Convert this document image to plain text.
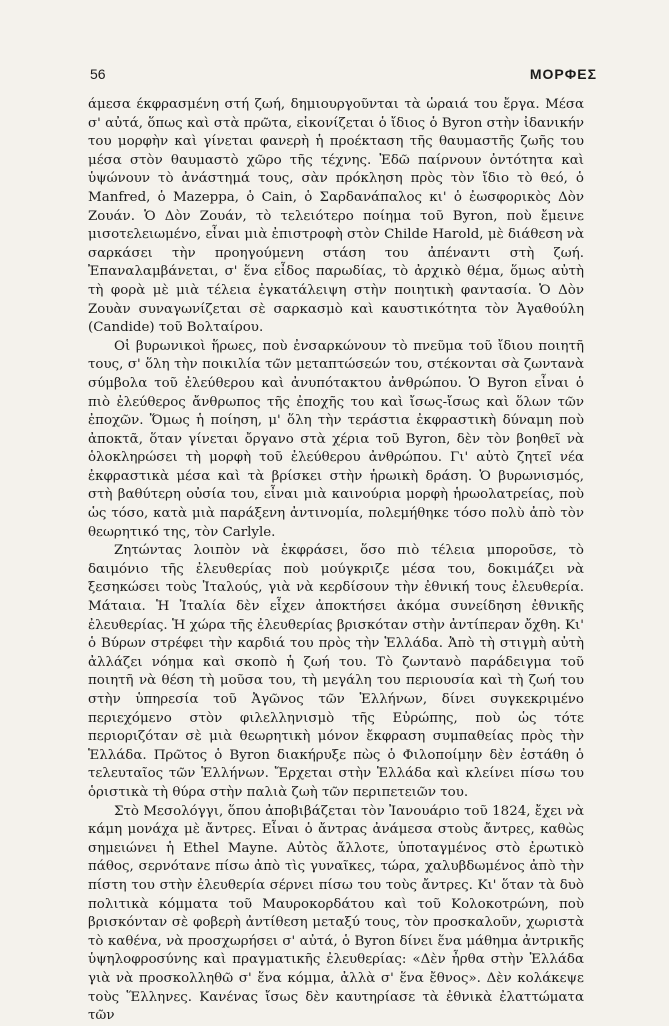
56	ΜΟΡΦΕΣ

άμεσα έκφρασμένη στή ζωή, δημιουργοῦνται τὰ ὡραιά του ἔργα. Μέσα σ' αὐτά, ὅπως καὶ στὰ πρῶτα, εἰκονίζεται ὁ ἴδιος ὁ Byron στὴν ἰδανικήν του μορφὴν καὶ γίνεται φανερὴ ἡ προέκταση τῆς θαυμαστῆς ζωῆς του μέσα στὸν θαυμαστὸ χῶρο τῆς τέχνης. Ἐδῶ παίρνουν ὀντότητα καὶ ὑψώνουν τὸ ἀνάστημά τους, σὰν πρόκληση πρὸς τὸν ἴδιο τὸ θεό, ὁ Manfred, ὁ Mazeppa, ὁ Cain, ὁ Σαρδανάπαλος κι' ὁ ἐωσφορικὸς Δὸν Ζουάν. Ὁ Δὸν Ζουάν, τὸ τελειότερο ποίημα τοῦ Byron, ποὺ ἔμεινε μισοτελειωμένο, εἶναι μιὰ ἐπιστροφὴ στὸν Childe Harold, μὲ διάθεση νὰ σαρκάσει τὴν προηγούμενη στάση του ἀπέναντι στὴ ζωή. Ἐπαναλαμβάνεται, σ' ἕνα εἶδος παρωδίας, τὸ ἀρχικὸ θέμα, ὅμως αὐτὴ τὴ φορὰ μὲ μιὰ τέλεια ἐγκατάλειψη στὴν ποιητικὴ φαντασία. Ὁ Δὸν Ζουὰν συναγωνίζεται σὲ σαρκασμὸ καὶ καυστικότητα τὸν Ἀγαθούλη (Candide) τοῦ Βολταίρου.

Οἱ βυρωνικοὶ ἥρωες, ποὺ ἐνσαρκώνουν τὸ πνεῦμα τοῦ ἴδιου ποιητῆ τους, σ' ὅλη τὴν ποικιλία τῶν μεταπτώσεών του, στέκονται σὰ ζωντανὰ σύμβολα τοῦ ἐλεύθερου καὶ ἀνυπότακτου ἀνθρώπου. Ὁ Byron εἶναι ὁ πιὸ ἐλεύθερος ἄνθρωπος τῆς ἐποχῆς του καὶ ἴσως-ἴσως καὶ ὅλων τῶν ἐποχῶν. Ὅμως ἡ ποίηση, μ' ὅλη τὴν τεράστια ἐκφραστικὴ δύναμη ποὺ ἀποκτᾶ, ὅταν γίνεται ὄργανο στὰ χέρια τοῦ Byron, δὲν τὸν βοηθεῖ νὰ ὁλοκληρώσει τὴ μορφὴ τοῦ ἐλεύθερου ἀνθρώπου. Γι' αὐτὸ ζητεῖ νέα ἐκφραστικὰ μέσα καὶ τὰ βρίσκει στὴν ἡρωικὴ δράση. Ὁ βυρωνισμός, στὴ βαθύτερη οὐσία του, εἶναι μιὰ καινούρια μορφὴ ἡρωολατρείας, ποὺ ὡς τόσο, κατὰ μιὰ παράξενη ἀντινομία, πολεμήθηκε τόσο πολὺ ἀπὸ τὸν θεωρητικό της, τὸν Carlyle.

Ζητώντας λοιπὸν νὰ ἐκφράσει, ὅσο πιὸ τέλεια μποροῦσε, τὸ δαιμόνιο τῆς ἐλευθερίας ποὺ μούγκριζε μέσα του, δοκιμάζει νὰ ξεσηκώσει τοὺς Ἰταλούς, γιὰ νὰ κερδίσουν τὴν ἐθνική τους ἐλευθερία. Μάταια. Ἡ Ἰταλία δὲν εἶχεν ἀποκτήσει ἀκόμα συνείδηση ἐθνικῆς ἐλευθερίας. Ἡ χώρα τῆς ἐλευθερίας βρισκόταν στὴν ἀντίπεραν ὄχθη. Κι' ὁ Βύρων στρέφει τὴν καρδιά του πρὸς τὴν Ἑλλάδα. Ἀπὸ τὴ στιγμὴ αὐτὴ ἀλλάζει νόημα καὶ σκοπὸ ἡ ζωή του. Τὸ ζωντανὸ παράδειγμα τοῦ ποιητῆ νὰ θέση τὴ μοῦσα του, τὴ μεγάλη του περιουσία καὶ τὴ ζωή του στὴν ὑπηρεσία τοῦ Ἀγῶνος τῶν Ἑλλήνων, δίνει συγκεκριμένο περιεχόμενο στὸν φιλελληνισμὸ τῆς Εὐρώπης, ποὺ ὡς τότε περιοριζόταν σὲ μιὰ θεωρητικὴ μόνον ἔκφραση συμπαθείας πρὸς τὴν Ἑλλάδα. Πρῶτος ὁ Byron διακήρυξε πὼς ὁ Φιλοποίμην δὲν ἐστάθη ὁ τελευταῖος τῶν Ἑλλήνων. Ἔρχεται στὴν Ἑλλάδα καὶ κλείνει πίσω του ὁριστικὰ τὴ θύρα στὴν παλιὰ ζωὴ τῶν περιπετειῶν του.

Στὸ Μεσολόγγι, ὅπου ἀποβιβάζεται τὸν Ἰανουάριο τοῦ 1824, ἔχει νὰ κάμη μονάχα μὲ ἄντρες. Εἶναι ὁ ἄντρας ἀνάμεσα στοὺς ἄντρες, καθὼς σημειώνει ἡ Ethel Mayne. Αὐτὸς ἄλλοτε, ὑποταγμένος στὸ ἐρωτικὸ πάθος, σερνότανε πίσω ἀπὸ τὶς γυναῖκες, τώρα, χαλυβδωμένος ἀπὸ τὴν πίστη του στὴν ἐλευθερία σέρνει πίσω του τοὺς ἄντρες. Κι' ὅταν τὰ δυὸ πολιτικὰ κόμματα τοῦ Μαυροκορδάτου καὶ τοῦ Κολοκοτρώνη, ποὺ βρισκόνταν σὲ φοβερὴ ἀντίθεση μεταξύ τους, τὸν προσκαλοῦν, χωριστὰ τὸ καθένα, νὰ προσχωρήσει σ' αὐτά, ὁ Byron δίνει ἕνα μάθημα ἀντρικῆς ὑψηλοφροσύνης καὶ πραγματικῆς ἐλευθερίας: «Δὲν ἦρθα στὴν Ἑλλάδα γιὰ νὰ προσκολληθῶ σ' ἕνα κόμμα, ἀλλὰ σ' ἕνα ἔθνος». Δὲν κολάκεψε τοὺς Ἕλληνες. Κανένας ἴσως δὲν καυτηρίασε τὰ ἐθνικὰ ἐλαττώματα τῶν
